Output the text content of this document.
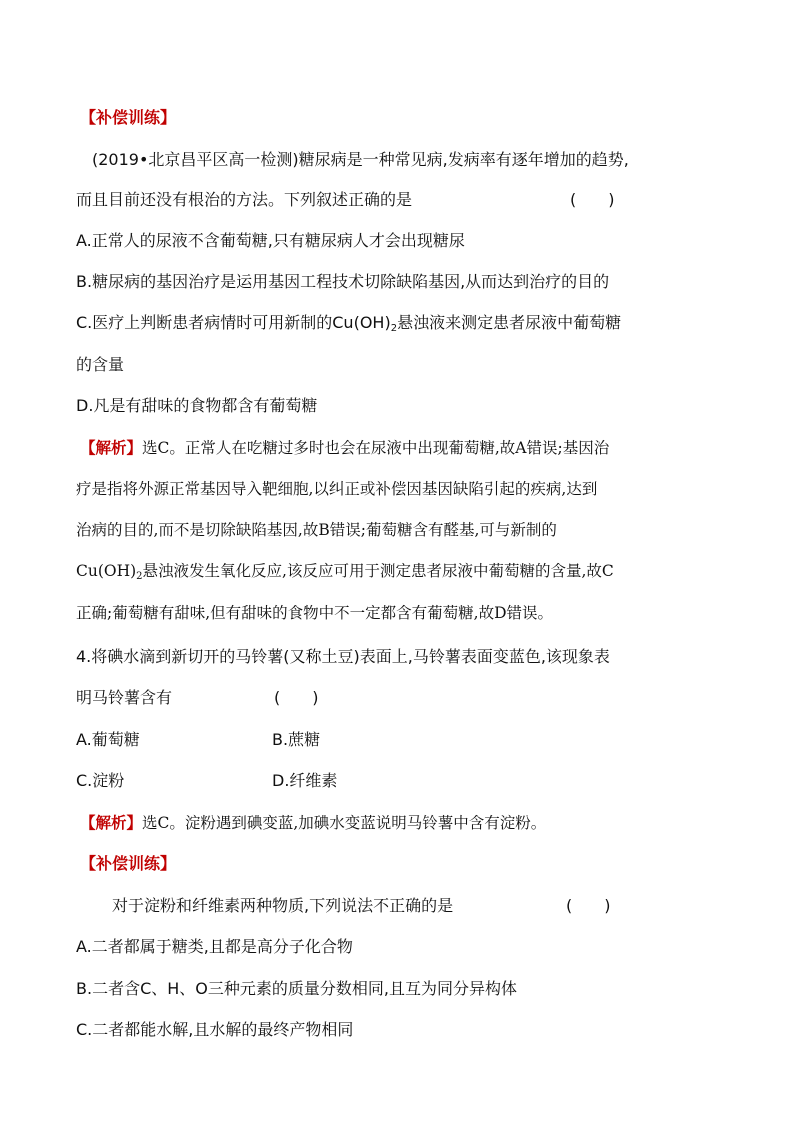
【补偿训练】
(2019•北京昌平区高一检测)糖尿病是一种常见病,发病率有逐年增加的趋势,
而且目前还没有根治的方法。下列叙述正确的是	(　　)
A.正常人的尿液不含葡萄糖,只有糖尿病人才会出现糖尿
B.糖尿病的基因治疗是运用基因工程技术切除缺陷基因,从而达到治疗的目的
C.医疗上判断患者病情时可用新制的$Cu(OH)_2$悬浊液来测定患者尿液中葡萄糖
的含量
D.凡是有甜味的食物都含有葡萄糖
【解析】选C。正常人在吃糖过多时也会在尿液中出现葡萄糖,故A错误;基因治
疗是指将外源正常基因导入靶细胞,以纠正或补偿因基因缺陷引起的疾病,达到
治病的目的,而不是切除缺陷基因,故B错误;葡萄糖含有醛基,可与新制的
$Cu(OH)_2$悬浊液发生氧化反应,该反应可用于测定患者尿液中葡萄糖的含量,故C
正确;葡萄糖有甜味,但有甜味的食物中不一定都含有葡萄糖,故D错误。
4.将碘水滴到新切开的马铃薯(又称土豆)表面上,马铃薯表面变蓝色,该现象表
明马铃薯含有	(　　)
A.葡萄糖	B.蔗糖
C.淀粉	D.纤维素
【解析】选C。淀粉遇到碘变蓝,加碘水变蓝说明马铃薯中含有淀粉。
【补偿训练】
对于淀粉和纤维素两种物质,下列说法不正确的是	(　　)
A.二者都属于糖类,且都是高分子化合物
B.二者含C、H、O三种元素的质量分数相同,且互为同分异构体
C.二者都能水解,且水解的最终产物相同
